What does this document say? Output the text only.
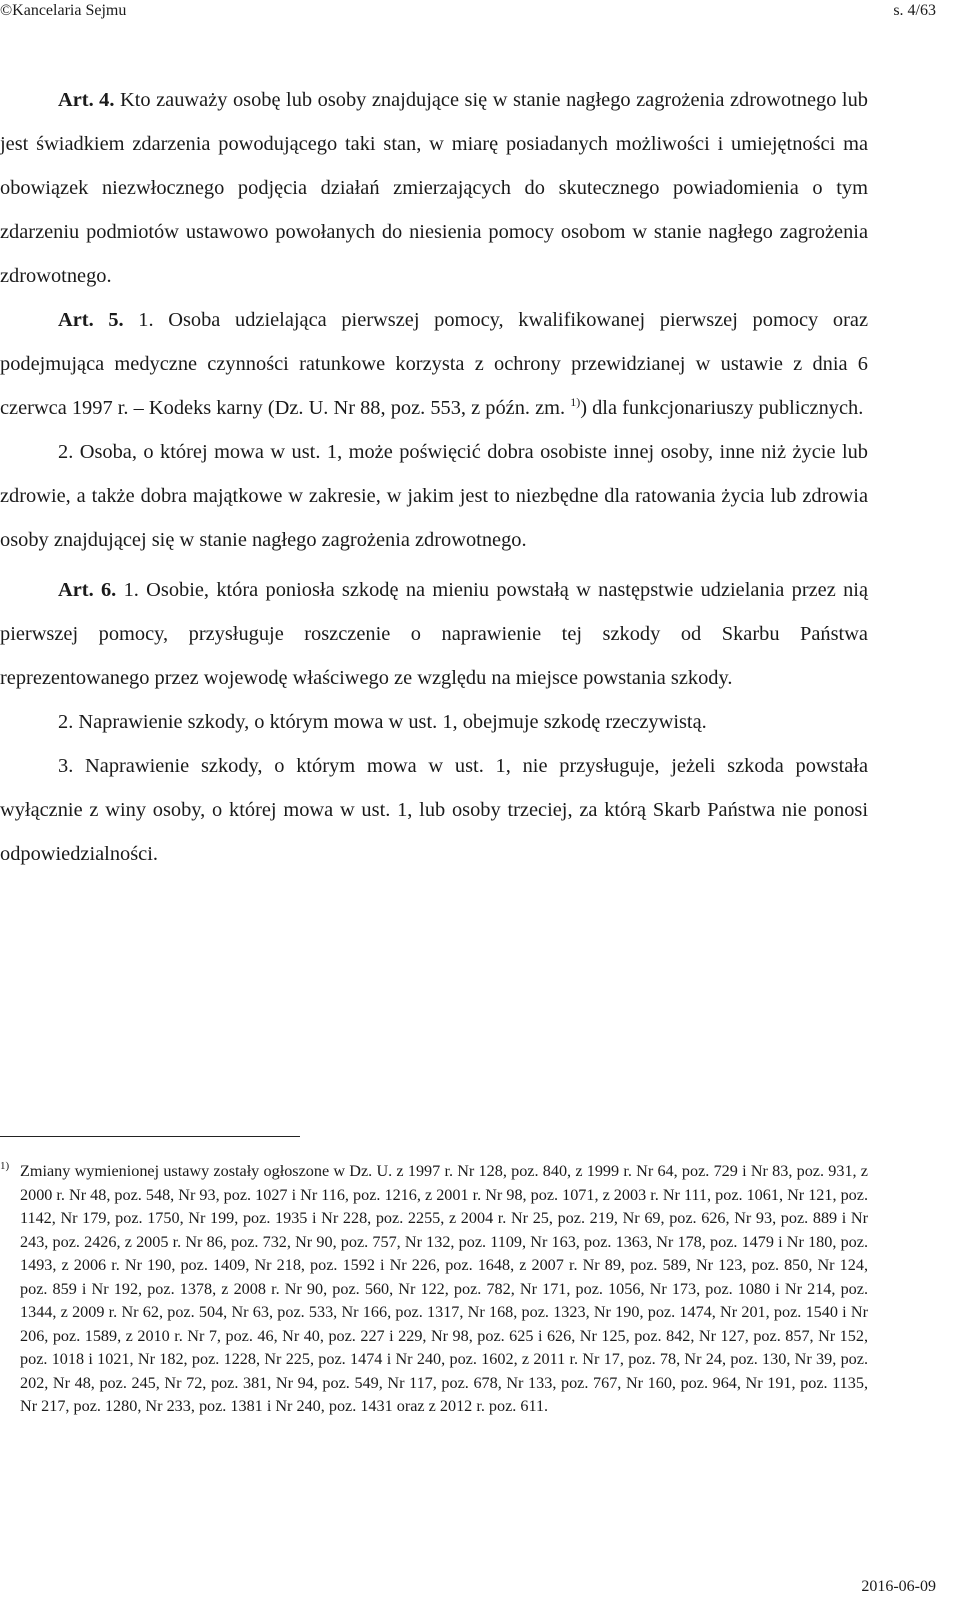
©Kancelaria Sejmu	s. 4/63

Art. 4. Kto zauważy osobę lub osoby znajdujące się w stanie nagłego zagrożenia zdrowotnego lub jest świadkiem zdarzenia powodującego taki stan, w miarę posiadanych możliwości i umiejętności ma obowiązek niezwłocznego podjęcia działań zmierzających do skutecznego powiadomienia o tym zdarzeniu podmiotów ustawowo powołanych do niesienia pomocy osobom w stanie nagłego zagrożenia zdrowotnego.

Art. 5. 1. Osoba udzielająca pierwszej pomocy, kwalifikowanej pierwszej pomocy oraz podejmująca medyczne czynności ratunkowe korzysta z ochrony przewidzianej w ustawie z dnia 6 czerwca 1997 r. – Kodeks karny (Dz. U. Nr 88, poz. 553, z późn. zm. $^{1)}$) dla funkcjonariuszy publicznych.

2. Osoba, o której mowa w ust. 1, może poświęcić dobra osobiste innej osoby, inne niż życie lub zdrowie, a także dobra majątkowe w zakresie, w jakim jest to niezbędne dla ratowania życia lub zdrowia osoby znajdującej się w stanie nagłego zagrożenia zdrowotnego.

Art. 6. 1. Osobie, która poniosła szkodę na mieniu powstałą w następstwie udzielania przez nią pierwszej pomocy, przysługuje roszczenie o naprawienie tej szkody od Skarbu Państwa reprezentowanego przez wojewodę właściwego ze względu na miejsce powstania szkody.

2. Naprawienie szkody, o którym mowa w ust. 1, obejmuje szkodę rzeczywistą.

3. Naprawienie szkody, o którym mowa w ust. 1, nie przysługuje, jeżeli szkoda powstała wyłącznie z winy osoby, o której mowa w ust. 1, lub osoby trzeciej, za którą Skarb Państwa nie ponosi odpowiedzialności.

1) Zmiany wymienionej ustawy zostały ogłoszone w Dz. U. z 1997 r. Nr 128, poz. 840, z 1999 r. Nr 64, poz. 729 i Nr 83, poz. 931, z 2000 r. Nr 48, poz. 548, Nr 93, poz. 1027 i Nr 116, poz. 1216, z 2001 r. Nr 98, poz. 1071, z 2003 r. Nr 111, poz. 1061, Nr 121, poz. 1142, Nr 179, poz. 1750, Nr 199, poz. 1935 i Nr 228, poz. 2255, z 2004 r. Nr 25, poz. 219, Nr 69, poz. 626, Nr 93, poz. 889 i Nr 243, poz. 2426, z 2005 r. Nr 86, poz. 732, Nr 90, poz. 757, Nr 132, poz. 1109, Nr 163, poz. 1363, Nr 178, poz. 1479 i Nr 180, poz. 1493, z 2006 r. Nr 190, poz. 1409, Nr 218, poz. 1592 i Nr 226, poz. 1648, z 2007 r. Nr 89, poz. 589, Nr 123, poz. 850, Nr 124, poz. 859 i Nr 192, poz. 1378, z 2008 r. Nr 90, poz. 560, Nr 122, poz. 782, Nr 171, poz. 1056, Nr 173, poz. 1080 i Nr 214, poz. 1344, z 2009 r. Nr 62, poz. 504, Nr 63, poz. 533, Nr 166, poz. 1317, Nr 168, poz. 1323, Nr 190, poz. 1474, Nr 201, poz. 1540 i Nr 206, poz. 1589, z 2010 r. Nr 7, poz. 46, Nr 40, poz. 227 i 229, Nr 98, poz. 625 i 626, Nr 125, poz. 842, Nr 127, poz. 857, Nr 152, poz. 1018 i 1021, Nr 182, poz. 1228, Nr 225, poz. 1474 i Nr 240, poz. 1602, z 2011 r. Nr 17, poz. 78, Nr 24, poz. 130, Nr 39, poz. 202, Nr 48, poz. 245, Nr 72, poz. 381, Nr 94, poz. 549, Nr 117, poz. 678, Nr 133, poz. 767, Nr 160, poz. 964, Nr 191, poz. 1135, Nr 217, poz. 1280, Nr 233, poz. 1381 i Nr 240, poz. 1431 oraz z 2012 r. poz. 611.

2016-06-09
